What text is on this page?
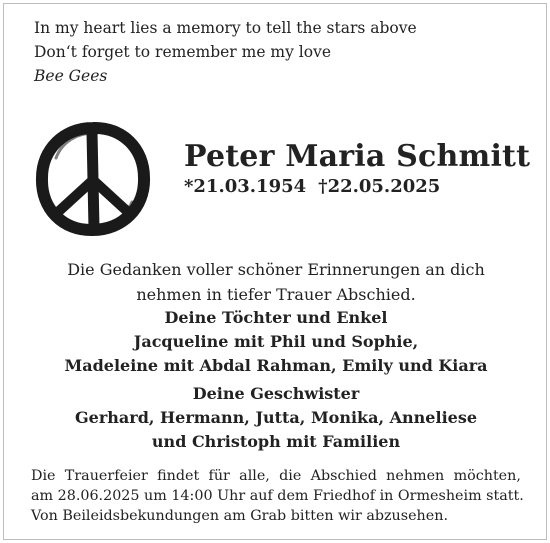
In my heart lies a memory to tell the stars above
Don‘t forget to remember me my love
Bee Gees
Peter Maria Schmitt
*21.03.1954 †22.05.2025
Die Gedanken voller schöner Erinnerungen an dich
nehmen in tiefer Trauer Abschied.
Deine Töchter und Enkel
Jacqueline mit Phil und Sophie,
Madeleine mit Abdal Rahman, Emily und Kiara
Deine Geschwister
Gerhard, Hermann, Jutta, Monika, Anneliese
und Christoph mit Familien
Die Trauerfeier findet für alle, die Abschied nehmen möchten,
am 28.06.2025 um 14:00 Uhr auf dem Friedhof in Ormesheim statt.
Von Beileidsbekundungen am Grab bitten wir abzusehen.
